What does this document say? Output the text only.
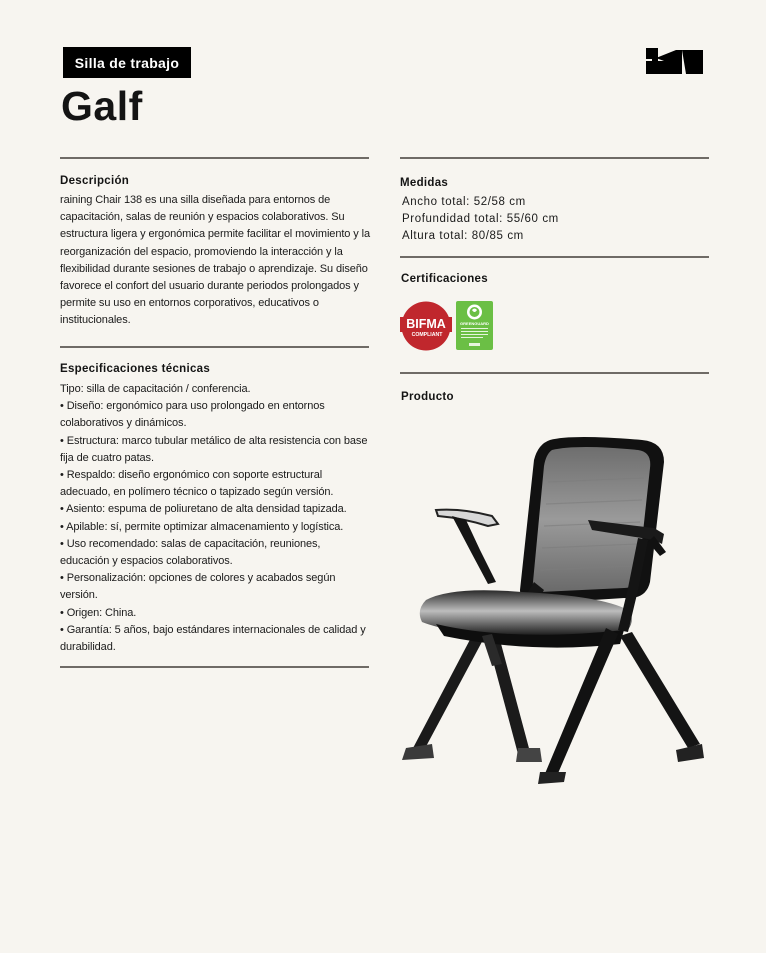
Silla de trabajo
Galf
Descripción
raining Chair 138 es una silla diseñada para entornos de capacitación, salas de reunión y espacios colaborativos. Su estructura ligera y ergonómica permite facilitar el movimiento y la reorganización del espacio, promoviendo la interacción y la flexibilidad durante sesiones de trabajo o aprendizaje. Su diseño favorece el confort del usuario durante periodos prolongados y permite su uso en entornos corporativos, educativos o institucionales.
Especificaciones técnicas
Tipo: silla de capacitación / conferencia.
• Diseño: ergonómico para uso prolongado en entornos colaborativos y dinámicos.
• Estructura: marco tubular metálico de alta resistencia con base fija de cuatro patas.
• Respaldo: diseño ergonómico con soporte estructural adecuado, en polímero técnico o tapizado según versión.
• Asiento: espuma de poliuretano de alta densidad tapizada.
• Apilable: sí, permite optimizar almacenamiento y logística.
• Uso recomendado: salas de capacitación, reuniones, educación y espacios colaborativos.
• Personalización: opciones de colores y acabados según versión.
• Origen: China.
• Garantía: 5 años, bajo estándares internacionales de calidad y durabilidad.
Medidas
Ancho total: 52/58 cm
Profundidad total: 55/60 cm
Altura total: 80/85 cm
Certificaciones
BIFMA
COMPLIANT
GREENGUARD
Producto
